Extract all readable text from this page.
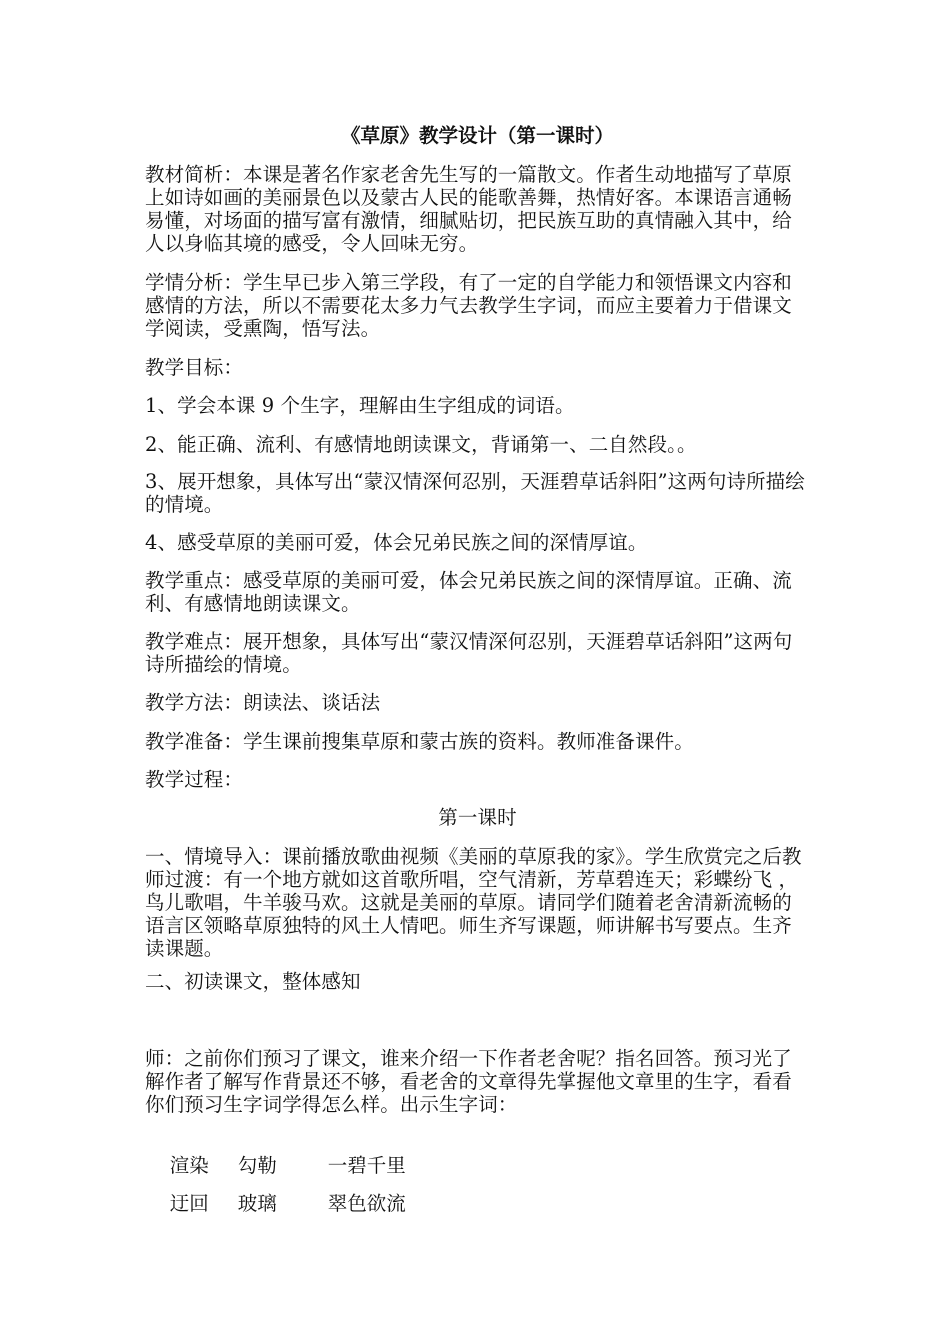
《草原》教学设计（第一课时）

教材简析：本课是著名作家老舍先生写的一篇散文。作者生动地描写了草原上如诗如画的美丽景色以及蒙古人民的能歌善舞，热情好客。本课语言通畅易懂，对场面的描写富有激情，细腻贴切，把民族互助的真情融入其中，给人以身临其境的感受，令人回味无穷。

学情分析：学生早已步入第三学段，有了一定的自学能力和领悟课文内容和感情的方法，所以不需要花太多力气去教学生字词，而应主要着力于借课文学阅读，受熏陶，悟写法。

教学目标：

1、学会本课 9 个生字，理解由生字组成的词语。

2、能正确、流利、有感情地朗读课文，背诵第一、二自然段。。

3、展开想象，具体写出“蒙汉情深何忍别，天涯碧草话斜阳”这两句诗所描绘的情境。

4、感受草原的美丽可爱，体会兄弟民族之间的深情厚谊。

教学重点：感受草原的美丽可爱，体会兄弟民族之间的深情厚谊。正确、流利、有感情地朗读课文。

教学难点：展开想象，具体写出“蒙汉情深何忍别，天涯碧草话斜阳”这两句诗所描绘的情境。

教学方法：朗读法、谈话法

教学准备：学生课前搜集草原和蒙古族的资料。教师准备课件。

教学过程：

第一课时

一、情境导入：课前播放歌曲视频《美丽的草原我的家》。学生欣赏完之后教师过渡：有一个地方就如这首歌所唱，空气清新，芳草碧连天；彩蝶纷飞 ，鸟儿歌唱，牛羊骏马欢。这就是美丽的草原。请同学们随着老舍清新流畅的语言区领略草原独特的风土人情吧。师生齐写课题，师讲解书写要点。生齐读课题。

二、初读课文，整体感知

师：之前你们预习了课文，谁来介绍一下作者老舍呢？指名回答。预习光了解作者了解写作背景还不够，看老舍的文章得先掌握他文章里的生字，看看你们预习生字词学得怎么样。出示生字词：

渲染 勾勒	一碧千里

迂回 玻璃	翠色欲流
